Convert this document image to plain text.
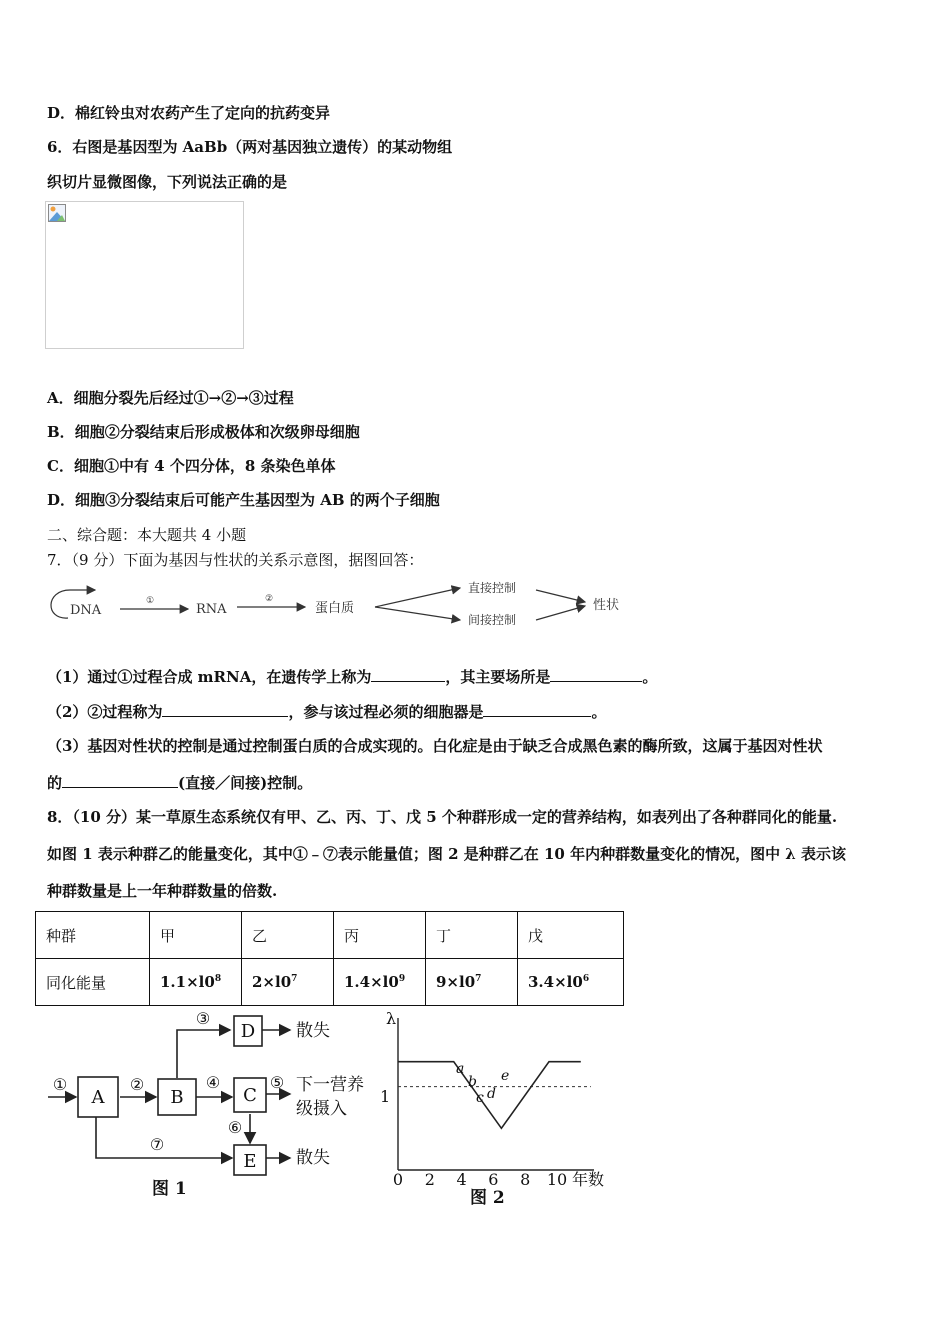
D．棉红铃虫对农药产生了定向的抗药变异
6．右图是基因型为 AaBb（两对基因独立遗传）的某动物组
织切片显微图像，下列说法正确的是
A．细胞分裂先后经过①→②→③过程
B．细胞②分裂结束后形成极体和次级卵母细胞
C．细胞①中有 4 个四分体，8 条染色单体
D．细胞③分裂结束后可能产生基因型为 AB 的两个子细胞
二、综合题：本大题共 4 小题
7．（9 分）下面为基因与性状的关系示意图，据图回答：
DNA
①
RNA
②
蛋白质
直接控制
间接控制
性状
（1）通过①过程合成 mRNA，在遗传学上称为	，其主要场所是	。
（2）②过程称为	，参与该过程必须的细胞器是	。
（3）基因对性状的控制是通过控制蛋白质的合成实现的。白化症是由于缺乏合成黑色素的酶所致，这属于基因对性状
的	(直接／间接)控制。
8．（10 分）某一草原生态系统仅有甲、乙、丙、丁、戊 5 个种群形成一定的营养结构，如表列出了各种群同化的能量.
如图 1 表示种群乙的能量变化，其中①﹣⑦表示能量值；图 2 是种群乙在 10 年内种群数量变化的情况，图中 λ 表示该
种群数量是上一年种群数量的倍数.
种群	甲	乙	丙	丁	戊
同化能量	$1.1\times l0^8$	$2\times l0^7$	$1.4\times l0^9$	$9\times l0^7$	$3.4\times l0^6$
A	B
D
C
E
①	②
③
④	⑤
⑥
⑦
散失
下一营养
级摄入
散失
图 1
λ
1
0 2 4 6 8 10 年数
a
b
c d
e
图 2
